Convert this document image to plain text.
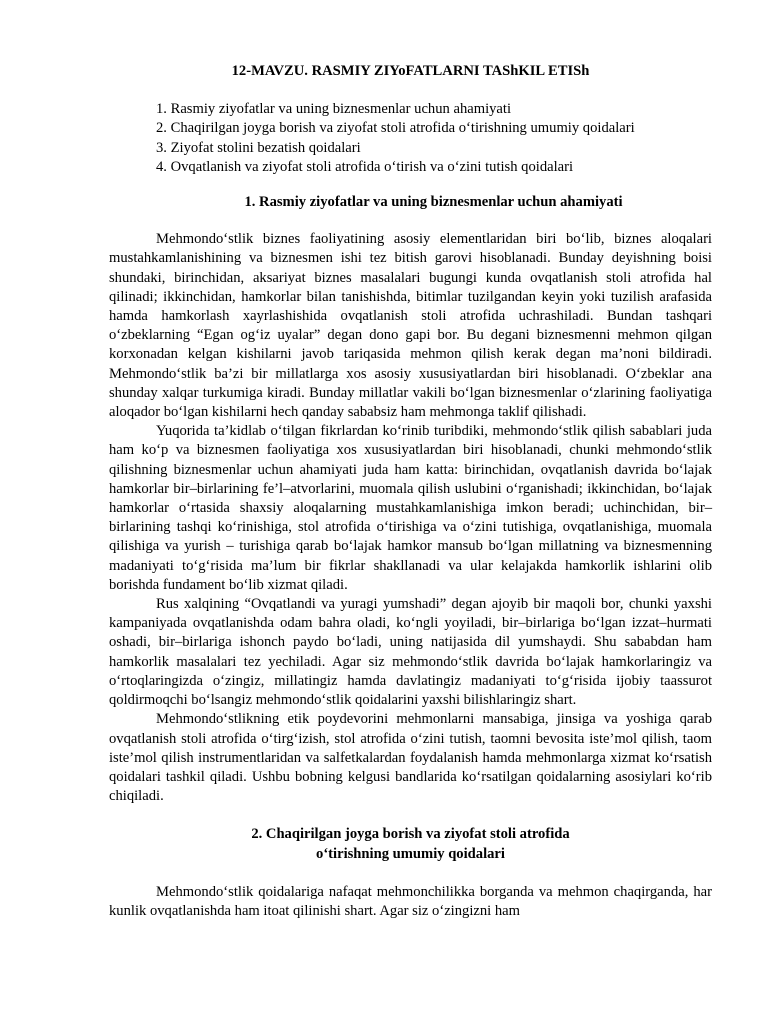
12-MAVZU. RASMIY ZIYoFATLARNI TAShKIL ETISh
1. Rasmiy ziyofatlar va uning biznesmenlar uchun ahamiyati
2. Chaqirilgan joyga borish va ziyofat stoli atrofida o‘tirishning umumiy qoidalari
3. Ziyofat stolini bezatish qoidalari
4. Ovqatlanish va ziyofat stoli atrofida o‘tirish va o‘zini tutish qoidalari
1. Rasmiy ziyofatlar va uning biznesmenlar uchun ahamiyati

Mehmondo‘stlik biznes faoliyatining asosiy elementlaridan biri bo‘lib, biznes aloqalari mustahkamlanishining va biznesmen ishi tez bitish garovi hisoblanadi. Bunday deyishning boisi shundaki, birinchidan, aksariyat biznes masalalari bugungi kunda ovqatlanish stoli atrofida hal qilinadi; ikkinchidan, hamkorlar bilan tanishishda, bitimlar tuzilgandan keyin yoki tuzilish arafasida hamda hamkorlash xayrlashishida ovqatlanish stoli atrofida uchrashiladi. Bundan tashqari o‘zbeklarning “Egan og‘iz uyalar” degan dono gapi bor. Bu degani biznesmenni mehmon qilgan korxonadan kelgan kishilarni javob tariqasida mehmon qilish kerak degan ma’noni bildiradi. Mehmondo‘stlik ba’zi bir millatlarga xos asosiy xususiyatlardan biri hisoblanadi. O‘zbeklar ana shunday xalqar turkumiga kiradi. Bunday millatlar vakili bo‘lgan biznesmenlar o‘zlarining faoliyatiga aloqador bo‘lgan kishilarni hech qanday sababsiz ham mehmonga taklif qilishadi.

Yuqorida ta’kidlab o‘tilgan fikrlardan ko‘rinib turibdiki, mehmondo‘stlik qilish sabablari juda ham ko‘p va biznesmen faoliyatiga xos xususiyatlardan biri hisoblanadi, chunki mehmondo‘stlik qilishning biznesmenlar uchun ahamiyati juda ham katta: birinchidan, ovqatlanish davrida bo‘lajak hamkorlar bir–birlarining fe’l–atvorlarini, muomala qilish uslubini o‘rganishadi; ikkinchidan, bo‘lajak hamkorlar o‘rtasida shaxsiy aloqalarning mustahkamlanishiga imkon beradi; uchinchidan, bir–birlarining tashqi ko‘rinishiga, stol atrofida o‘tirishiga va o‘zini tutishiga, ovqatlanishiga, muomala qilishiga va yurish – turishiga qarab bo‘lajak hamkor mansub bo‘lgan millatning va biznesmenning madaniyati to‘g‘risida ma’lum bir fikrlar shakllanadi va ular kelajakda hamkorlik ishlarini olib borishda fundament bo‘lib xizmat qiladi.

Rus xalqining “Ovqatlandi va yuragi yumshadi” degan ajoyib bir maqoli bor, chunki yaxshi kampaniyada ovqatlanishda odam bahra oladi, ko‘ngli yoyiladi, bir–birlariga bo‘lgan izzat–hurmati oshadi, bir–birlariga ishonch paydo bo‘ladi, uning natijasida dil yumshaydi. Shu sababdan ham hamkorlik masalalari tez yechiladi. Agar siz mehmondo‘stlik davrida bo‘lajak hamkorlaringiz va o‘rtoqlaringizda o‘zingiz, millatingiz hamda davlatingiz madaniyati to‘g‘risida ijobiy taassurot qoldirmoqchi bo‘lsangiz mehmondo‘stlik qoidalarini yaxshi bilishlaringiz shart.

Mehmondo‘stlikning etik poydevorini mehmonlarni mansabiga, jinsiga va yoshiga qarab ovqatlanish stoli atrofida o‘tirg‘izish, stol atrofida o‘zini tutish, taomni bevosita iste’mol qilish, taom iste’mol qilish instrumentlaridan va salfetkalardan foydalanish hamda mehmonlarga xizmat ko‘rsatish qoidalari tashkil qiladi. Ushbu bobning kelgusi bandlarida ko‘rsatilgan qoidalarning asosiylari ko‘rib chiqiladi.

2. Chaqirilgan joyga borish va ziyofat stoli atrofida
o‘tirishning umumiy qoidalari

Mehmondo‘stlik qoidalariga nafaqat mehmonchilikka borganda va mehmon chaqirganda, har kunlik ovqatlanishda ham itoat qilinishi shart. Agar siz o‘zingizni ham
